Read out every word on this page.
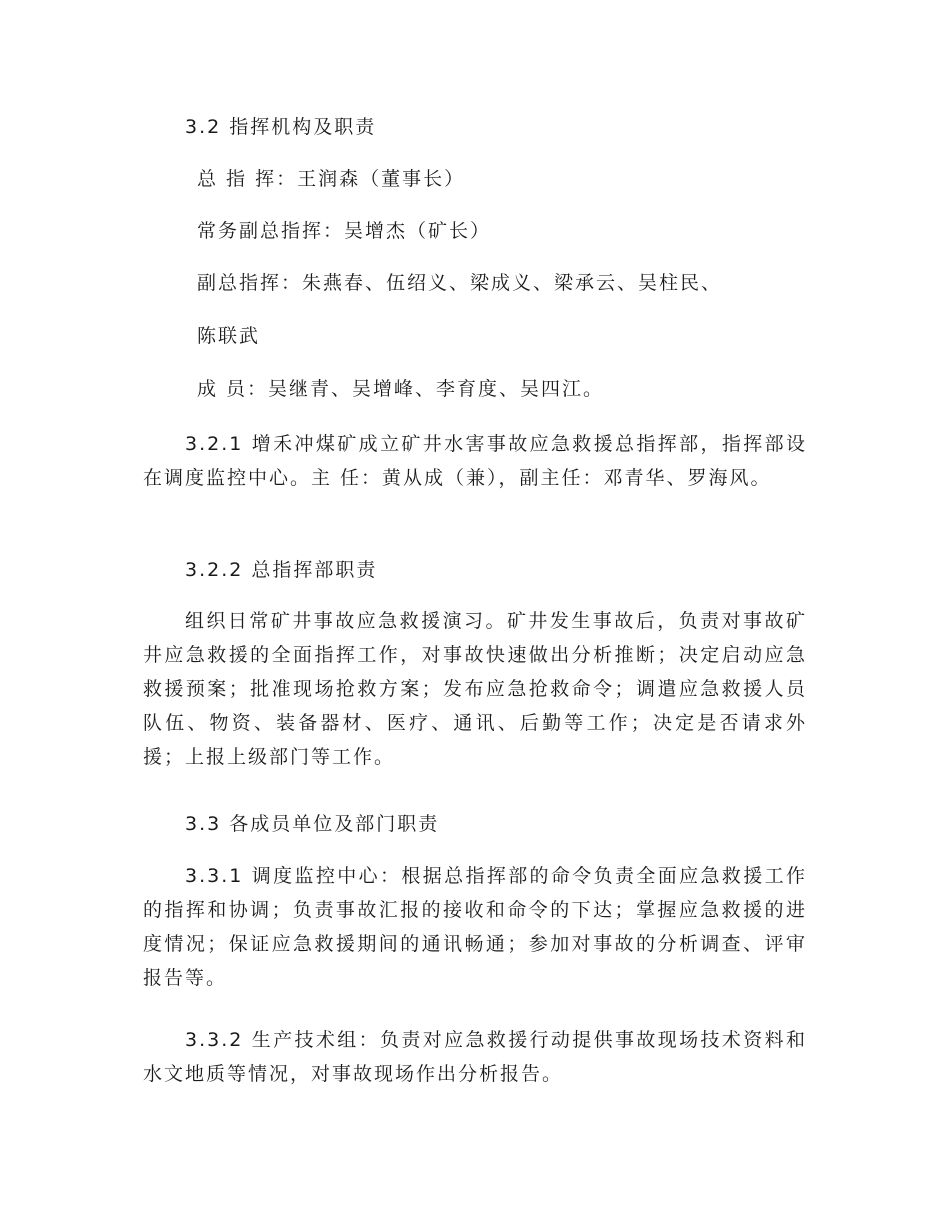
3.2 指挥机构及职责
总 指 挥：王润森（董事长）
常务副总指挥：吴增杰（矿长）
副总指挥：朱燕春、伍绍义、梁成义、梁承云、吴柱民、
陈联武
成 员：吴继青、吴增峰、李育度、吴四江。
3.2.1 增禾冲煤矿成立矿井水害事故应急救援总指挥部，指挥部设在调度监控中心。主 任：黄从成（兼），副主任：邓青华、罗海风。
3.2.2 总指挥部职责
组织日常矿井事故应急救援演习。矿井发生事故后，负责对事故矿井应急救援的全面指挥工作，对事故快速做出分析推断；决定启动应急救援预案；批准现场抢救方案；发布应急抢救命令；调遣应急救援人员队伍、物资、装备器材、医疗、通讯、后勤等工作；决定是否请求外援；上报上级部门等工作。
3.3 各成员单位及部门职责
3.3.1 调度监控中心：根据总指挥部的命令负责全面应急救援工作的指挥和协调；负责事故汇报的接收和命令的下达；掌握应急救援的进度情况；保证应急救援期间的通讯畅通；参加对事故的分析调查、评审报告等。
3.3.2 生产技术组：负责对应急救援行动提供事故现场技术资料和水文地质等情况，对事故现场作出分析报告。
